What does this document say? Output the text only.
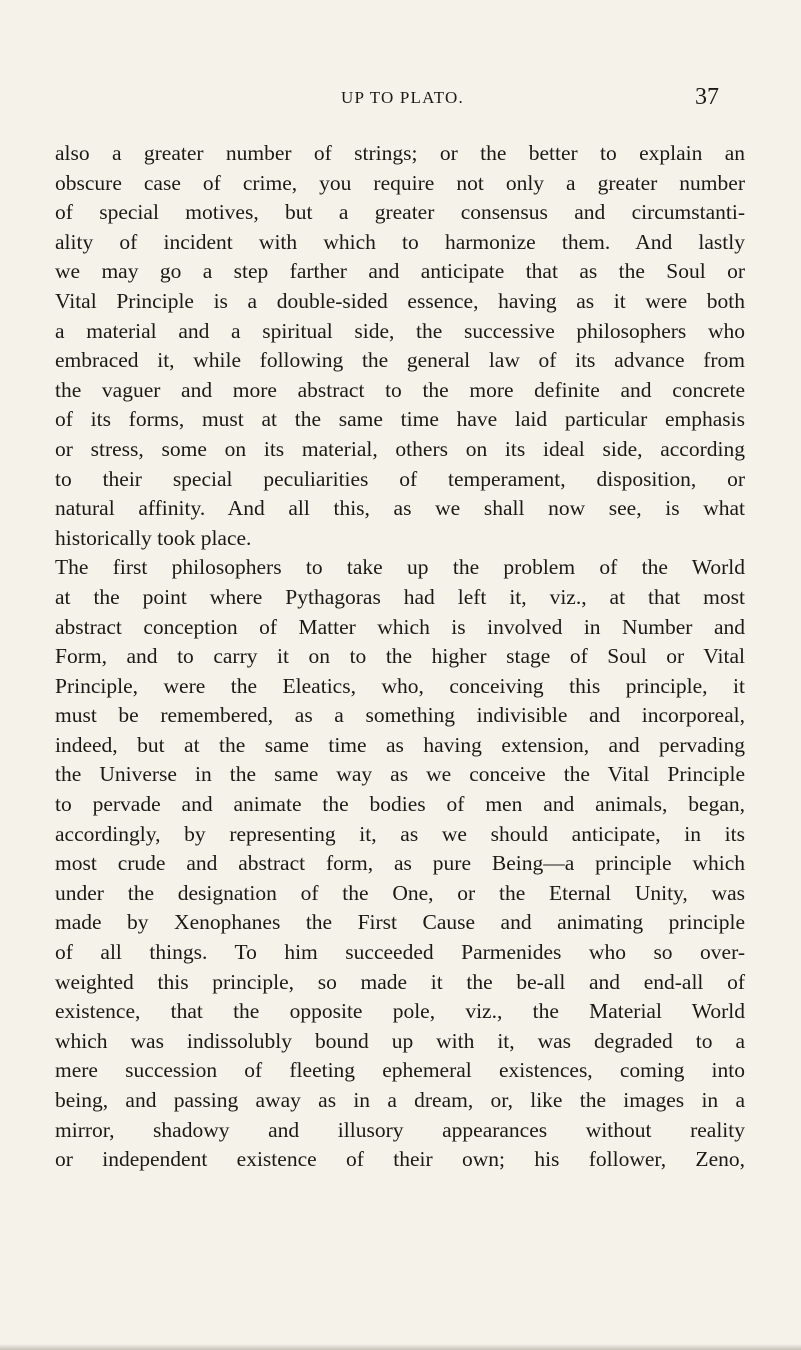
UP TO PLATO.	37
also a greater number of strings; or the better to explain an
obscure case of crime, you require not only a greater number
of special motives, but a greater consensus and circumstanti-
ality of incident with which to harmonize them. And lastly
we may go a step farther and anticipate that as the Soul or
Vital Principle is a double-sided essence, having as it were both
a material and a spiritual side, the successive philosophers who
embraced it, while following the general law of its advance from
the vaguer and more abstract to the more definite and concrete
of its forms, must at the same time have laid particular emphasis
or stress, some on its material, others on its ideal side, according
to their special peculiarities of temperament, disposition, or
natural affinity. And all this, as we shall now see, is what
historically took place.
The first philosophers to take up the problem of the World
at the point where Pythagoras had left it, viz., at that most
abstract conception of Matter which is involved in Number and
Form, and to carry it on to the higher stage of Soul or Vital
Principle, were the Eleatics, who, conceiving this principle, it
must be remembered, as a something indivisible and incorporeal,
indeed, but at the same time as having extension, and pervading
the Universe in the same way as we conceive the Vital Principle
to pervade and animate the bodies of men and animals, began,
accordingly, by representing it, as we should anticipate, in its
most crude and abstract form, as pure Being—a principle which
under the designation of the One, or the Eternal Unity, was
made by Xenophanes the First Cause and animating principle
of all things. To him succeeded Parmenides who so over-
weighted this principle, so made it the be-all and end-all of
existence, that the opposite pole, viz., the Material World
which was indissolubly bound up with it, was degraded to a
mere succession of fleeting ephemeral existences, coming into
being, and passing away as in a dream, or, like the images in a
mirror, shadowy and illusory appearances without reality
or independent existence of their own; his follower, Zeno,
